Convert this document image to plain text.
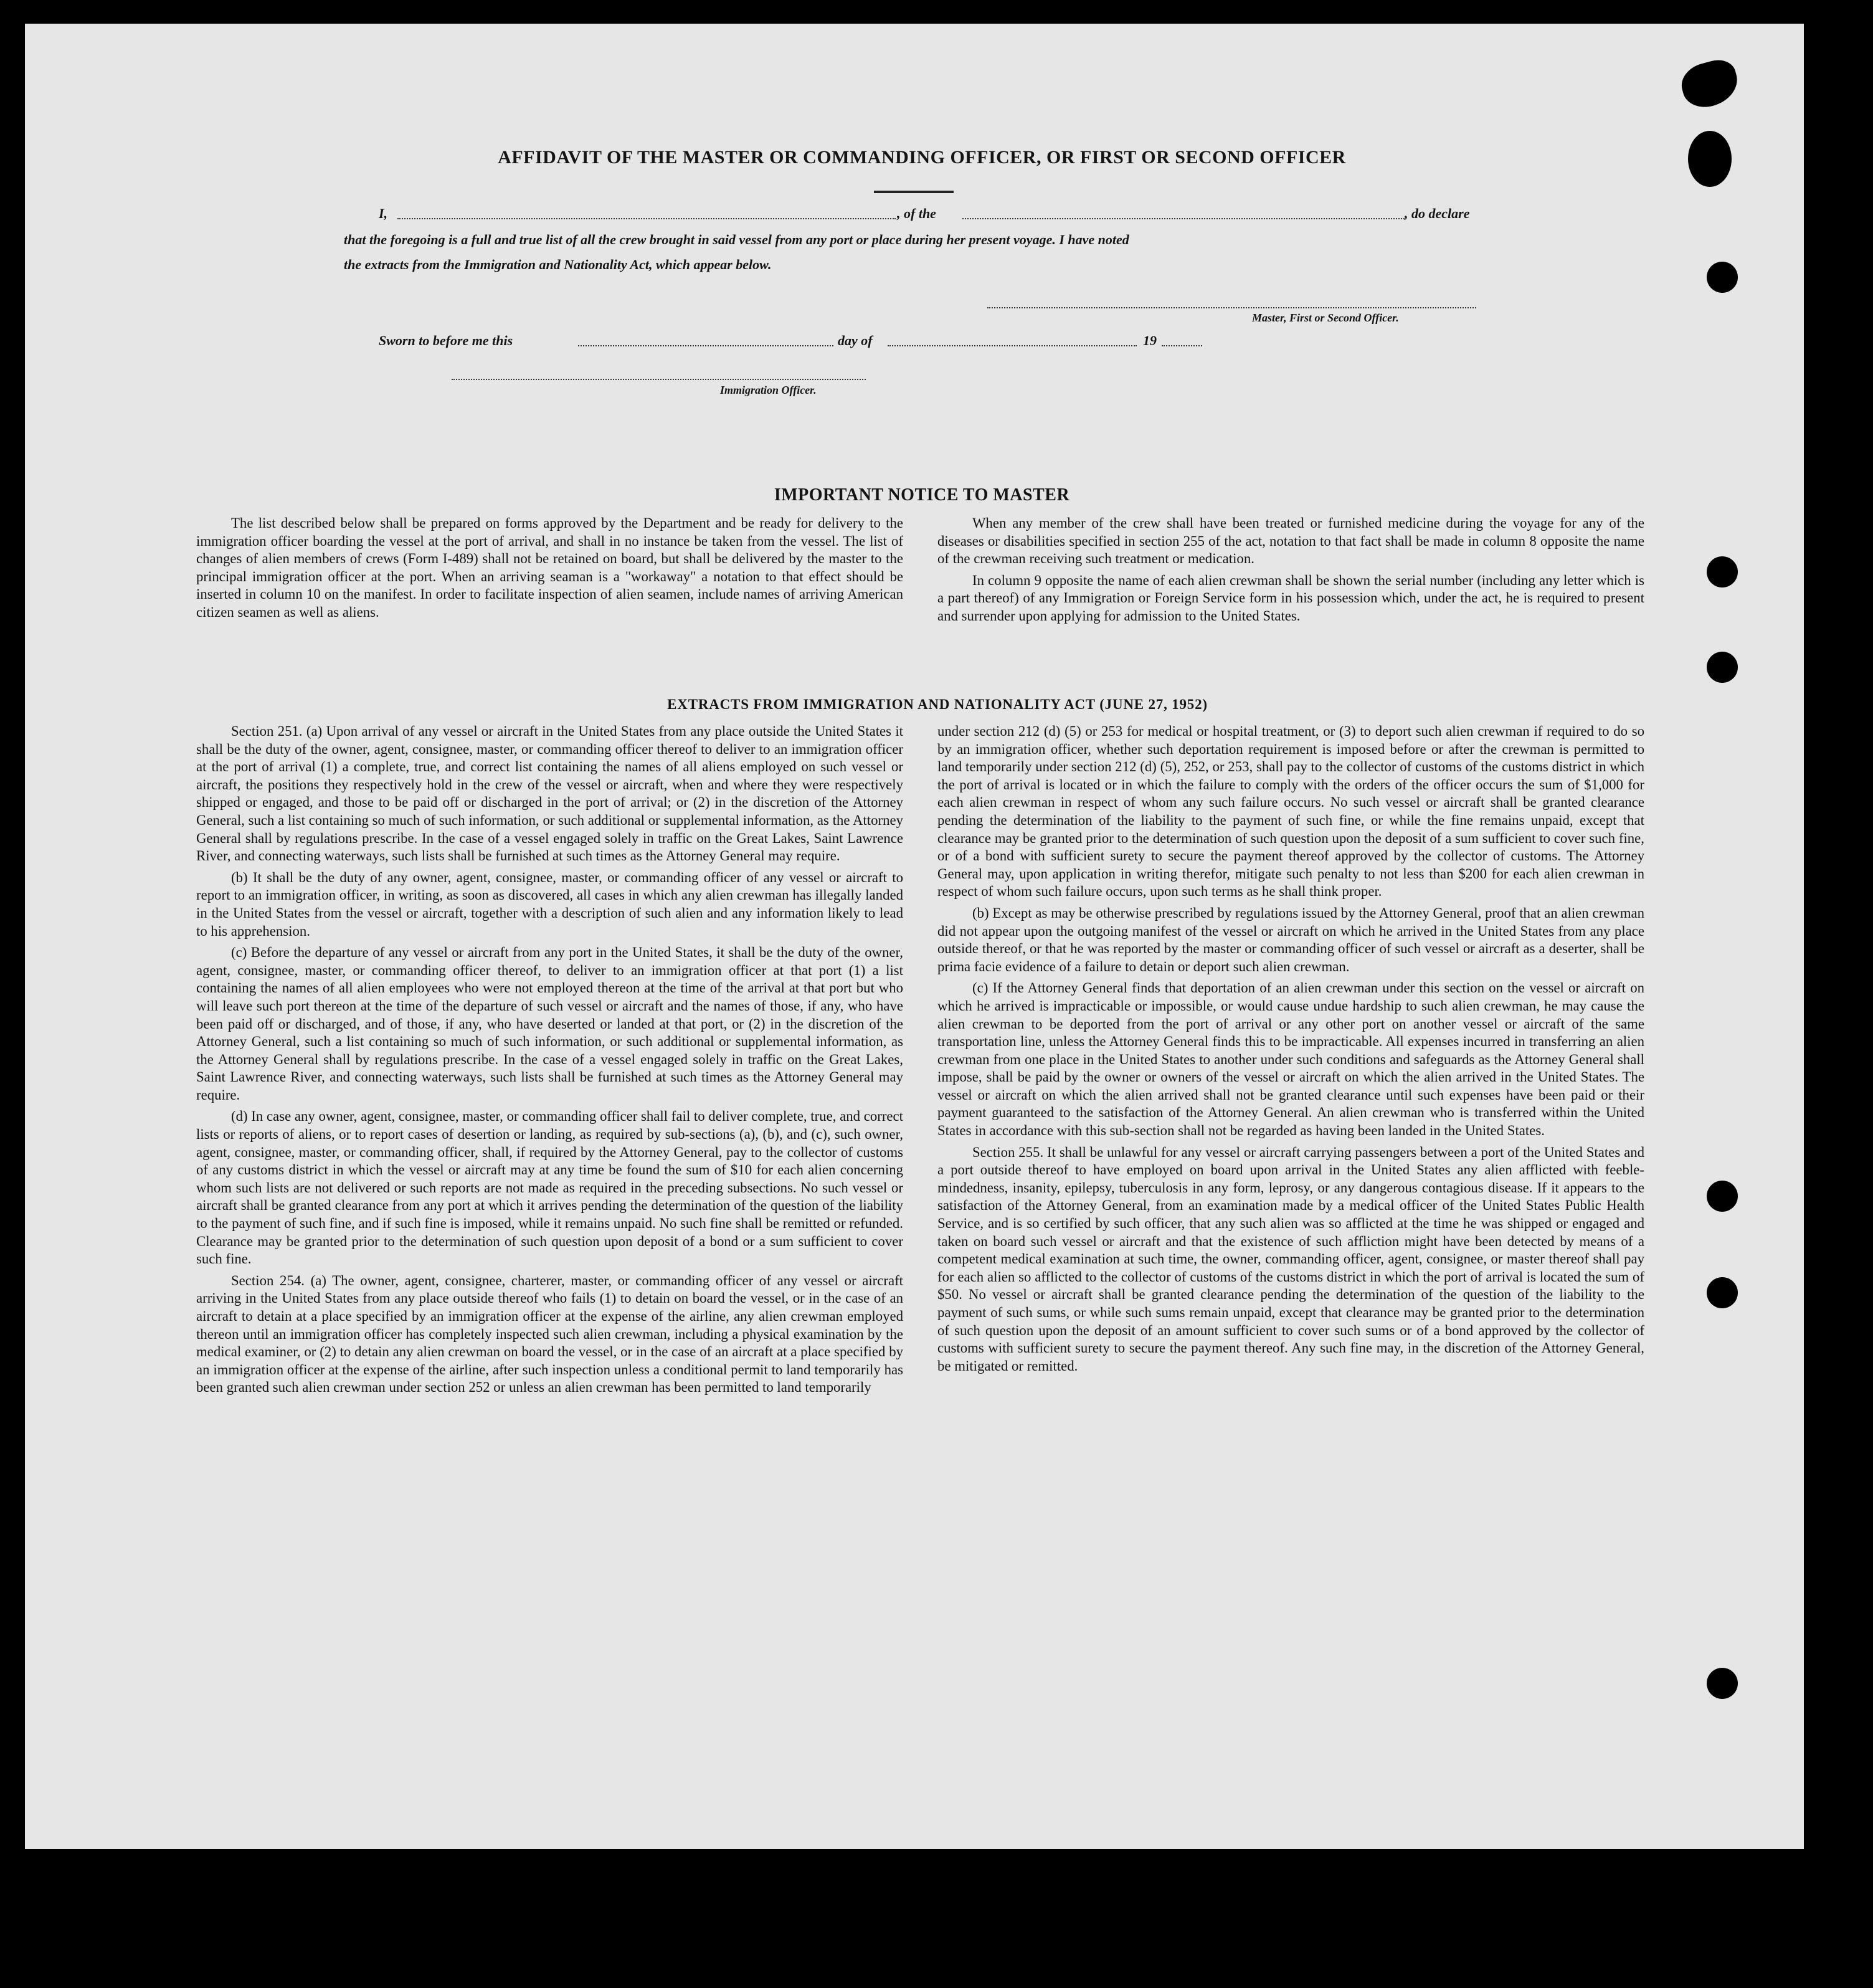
AFFIDAVIT OF THE MASTER OR COMMANDING OFFICER, OR FIRST OR SECOND OFFICER
I,	, of the	, do declare
that the foregoing is a full and true list of all the crew brought in said vessel from any port or place during her present voyage. I have noted
the extracts from the Immigration and Nationality Act, which appear below.
Master, First or Second Officer.
Sworn to before me this	day of	19
Immigration Officer.
IMPORTANT NOTICE TO MASTER

The list described below shall be prepared on forms approved by the Department and be ready for delivery to the immigration officer boarding the vessel at the port of arrival, and shall in no instance be taken from the vessel. The list of changes of alien members of crews (Form I-489) shall not be retained on board, but shall be delivered by the master to the principal immigration officer at the port. When an arriving seaman is a "workaway" a notation to that effect should be inserted in column 10 on the manifest. In order to facilitate inspection of alien seamen, include names of arriving American citizen seamen as well as aliens.

When any member of the crew shall have been treated or furnished medicine during the voyage for any of the diseases or disabilities specified in section 255 of the act, notation to that fact shall be made in column 8 opposite the name of the crewman receiving such treatment or medication.

In column 9 opposite the name of each alien crewman shall be shown the serial number (including any letter which is a part thereof) of any Immigration or Foreign Service form in his possession which, under the act, he is required to present and surrender upon applying for admission to the United States.

EXTRACTS FROM IMMIGRATION AND NATIONALITY ACT (JUNE 27, 1952)

Section 251. (a) Upon arrival of any vessel or aircraft in the United States from any place outside the United States it shall be the duty of the owner, agent, consignee, master, or commanding officer thereof to deliver to an immigration officer at the port of arrival (1) a complete, true, and correct list containing the names of all aliens employed on such vessel or aircraft, the positions they respectively hold in the crew of the vessel or aircraft, when and where they were respectively shipped or engaged, and those to be paid off or discharged in the port of arrival; or (2) in the discretion of the Attorney General, such a list containing so much of such information, or such additional or supplemental information, as the Attorney General shall by regulations prescribe. In the case of a vessel engaged solely in traffic on the Great Lakes, Saint Lawrence River, and connecting waterways, such lists shall be furnished at such times as the Attorney General may require.

(b) It shall be the duty of any owner, agent, consignee, master, or commanding officer of any vessel or aircraft to report to an immigration officer, in writing, as soon as discovered, all cases in which any alien crewman has illegally landed in the United States from the vessel or aircraft, together with a description of such alien and any information likely to lead to his apprehension.

(c) Before the departure of any vessel or aircraft from any port in the United States, it shall be the duty of the owner, agent, consignee, master, or commanding officer thereof, to deliver to an immigration officer at that port (1) a list containing the names of all alien employees who were not employed thereon at the time of the arrival at that port but who will leave such port thereon at the time of the departure of such vessel or aircraft and the names of those, if any, who have been paid off or discharged, and of those, if any, who have deserted or landed at that port, or (2) in the discretion of the Attorney General, such a list containing so much of such information, or such additional or supplemental information, as the Attorney General shall by regulations prescribe. In the case of a vessel engaged solely in traffic on the Great Lakes, Saint Lawrence River, and connecting waterways, such lists shall be furnished at such times as the Attorney General may require.

(d) In case any owner, agent, consignee, master, or commanding officer shall fail to deliver complete, true, and correct lists or reports of aliens, or to report cases of desertion or landing, as required by sub-sections (a), (b), and (c), such owner, agent, consignee, master, or commanding officer, shall, if required by the Attorney General, pay to the collector of customs of any customs district in which the vessel or aircraft may at any time be found the sum of $10 for each alien concerning whom such lists are not delivered or such reports are not made as required in the preceding subsections. No such vessel or aircraft shall be granted clearance from any port at which it arrives pending the determination of the question of the liability to the payment of such fine, and if such fine is imposed, while it remains unpaid. No such fine shall be remitted or refunded. Clearance may be granted prior to the determination of such question upon deposit of a bond or a sum sufficient to cover such fine.

Section 254. (a) The owner, agent, consignee, charterer, master, or commanding officer of any vessel or aircraft arriving in the United States from any place outside thereof who fails (1) to detain on board the vessel, or in the case of an aircraft to detain at a place specified by an immigration officer at the expense of the airline, any alien crewman employed thereon until an immigration officer has completely inspected such alien crewman, including a physical examination by the medical examiner, or (2) to detain any alien crewman on board the vessel, or in the case of an aircraft at a place specified by an immigration officer at the expense of the airline, after such inspection unless a conditional permit to land temporarily has been granted such alien crewman under section 252 or unless an alien crewman has been permitted to land temporarily

under section 212 (d) (5) or 253 for medical or hospital treatment, or (3) to deport such alien crewman if required to do so by an immigration officer, whether such deportation requirement is imposed before or after the crewman is permitted to land temporarily under section 212 (d) (5), 252, or 253, shall pay to the collector of customs of the customs district in which the port of arrival is located or in which the failure to comply with the orders of the officer occurs the sum of $1,000 for each alien crewman in respect of whom any such failure occurs. No such vessel or aircraft shall be granted clearance pending the determination of the liability to the payment of such fine, or while the fine remains unpaid, except that clearance may be granted prior to the determination of such question upon the deposit of a sum sufficient to cover such fine, or of a bond with sufficient surety to secure the payment thereof approved by the collector of customs. The Attorney General may, upon application in writing therefor, mitigate such penalty to not less than $200 for each alien crewman in respect of whom such failure occurs, upon such terms as he shall think proper.

(b) Except as may be otherwise prescribed by regulations issued by the Attorney General, proof that an alien crewman did not appear upon the outgoing manifest of the vessel or aircraft on which he arrived in the United States from any place outside thereof, or that he was reported by the master or commanding officer of such vessel or aircraft as a deserter, shall be prima facie evidence of a failure to detain or deport such alien crewman.

(c) If the Attorney General finds that deportation of an alien crewman under this section on the vessel or aircraft on which he arrived is impracticable or impossible, or would cause undue hardship to such alien crewman, he may cause the alien crewman to be deported from the port of arrival or any other port on another vessel or aircraft of the same transportation line, unless the Attorney General finds this to be impracticable. All expenses incurred in transferring an alien crewman from one place in the United States to another under such conditions and safeguards as the Attorney General shall impose, shall be paid by the owner or owners of the vessel or aircraft on which the alien arrived in the United States. The vessel or aircraft on which the alien arrived shall not be granted clearance until such expenses have been paid or their payment guaranteed to the satisfaction of the Attorney General. An alien crewman who is transferred within the United States in accordance with this sub-section shall not be regarded as having been landed in the United States.

Section 255. It shall be unlawful for any vessel or aircraft carrying passengers between a port of the United States and a port outside thereof to have employed on board upon arrival in the United States any alien afflicted with feeble-mindedness, insanity, epilepsy, tuberculosis in any form, leprosy, or any dangerous contagious disease. If it appears to the satisfaction of the Attorney General, from an examination made by a medical officer of the United States Public Health Service, and is so certified by such officer, that any such alien was so afflicted at the time he was shipped or engaged and taken on board such vessel or aircraft and that the existence of such affliction might have been detected by means of a competent medical examination at such time, the owner, commanding officer, agent, consignee, or master thereof shall pay for each alien so afflicted to the collector of customs of the customs district in which the port of arrival is located the sum of $50. No vessel or aircraft shall be granted clearance pending the determination of the question of the liability to the payment of such sums, or while such sums remain unpaid, except that clearance may be granted prior to the determination of such question upon the deposit of an amount sufficient to cover such sums or of a bond approved by the collector of customs with sufficient surety to secure the payment thereof. Any such fine may, in the discretion of the Attorney General, be mitigated or remitted.
